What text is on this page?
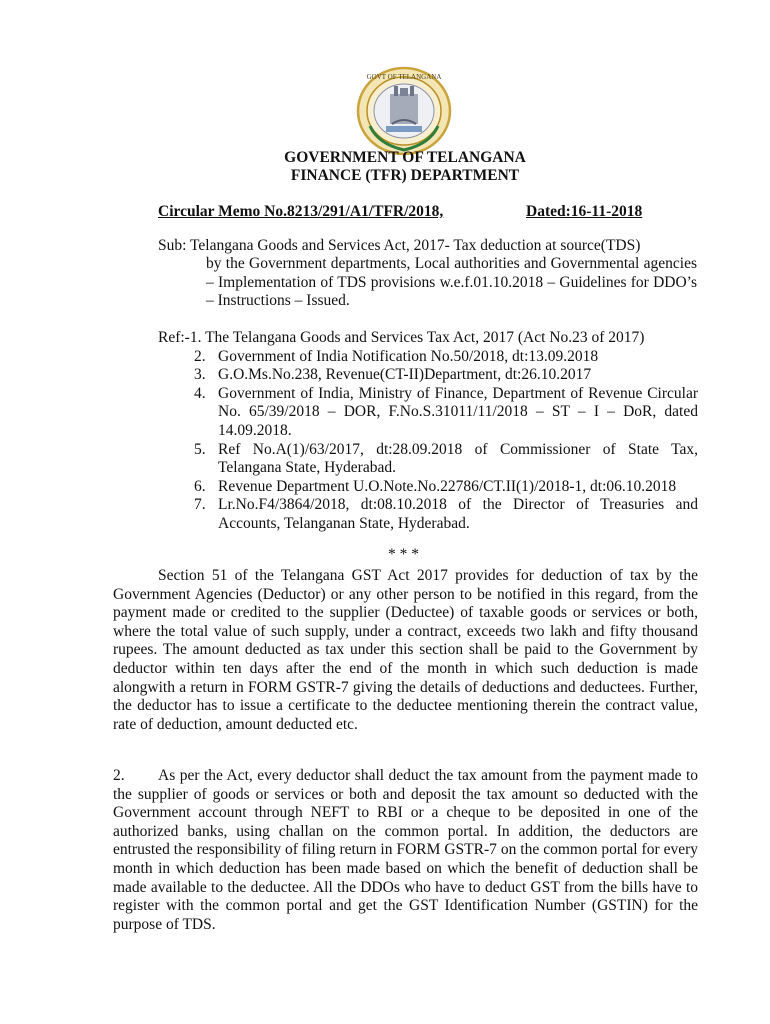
GOVT OF TELANGANA
GOVERNMENT OF TELANGANA
FINANCE (TFR) DEPARTMENT
Circular Memo No.8213/291/A1/TFR/2018,	Dated:16-11-2018
Sub: Telangana Goods and Services Act, 2017- Tax deduction at source(TDS)
by the Government departments, Local authorities and Governmental agencies – Implementation of TDS provisions w.e.f.01.10.2018 – Guidelines for DDO’s – Instructions – Issued.
Ref:-1. The Telangana Goods and Services Tax Act, 2017 (Act No.23 of 2017)
2. Government of India Notification No.50/2018, dt:13.09.2018
3. G.O.Ms.No.238, Revenue(CT-II)Department, dt:26.10.2017
4. Government of India, Ministry of Finance, Department of Revenue Circular No. 65/39/2018 – DOR, F.No.S.31011/11/2018 – ST – I – DoR, dated 14.09.2018.
5. Ref No.A(1)/63/2017, dt:28.09.2018 of Commissioner of State Tax, Telangana State, Hyderabad.
6. Revenue Department U.O.Note.No.22786/CT.II(1)/2018-1, dt:06.10.2018
7. Lr.No.F4/3864/2018, dt:08.10.2018 of the Director of Treasuries and Accounts, Telanganan State, Hyderabad.
* * *
Section 51 of the Telangana GST Act 2017 provides for deduction of tax by the Government Agencies (Deductor) or any other person to be notified in this regard, from the payment made or credited to the supplier (Deductee) of taxable goods or services or both, where the total value of such supply, under a contract, exceeds two lakh and fifty thousand rupees. The amount deducted as tax under this section shall be paid to the Government by deductor within ten days after the end of the month in which such deduction is made alongwith a return in FORM GSTR-7 giving the details of deductions and deductees. Further, the deductor has to issue a certificate to the deductee mentioning therein the contract value, rate of deduction, amount deducted etc.
2. As per the Act, every deductor shall deduct the tax amount from the payment made to the supplier of goods or services or both and deposit the tax amount so deducted with the Government account through NEFT to RBI or a cheque to be deposited in one of the authorized banks, using challan on the common portal. In addition, the deductors are entrusted the responsibility of filing return in FORM GSTR-7 on the common portal for every month in which deduction has been made based on which the benefit of deduction shall be made available to the deductee. All the DDOs who have to deduct GST from the bills have to register with the common portal and get the GST Identification Number (GSTIN) for the purpose of TDS.
